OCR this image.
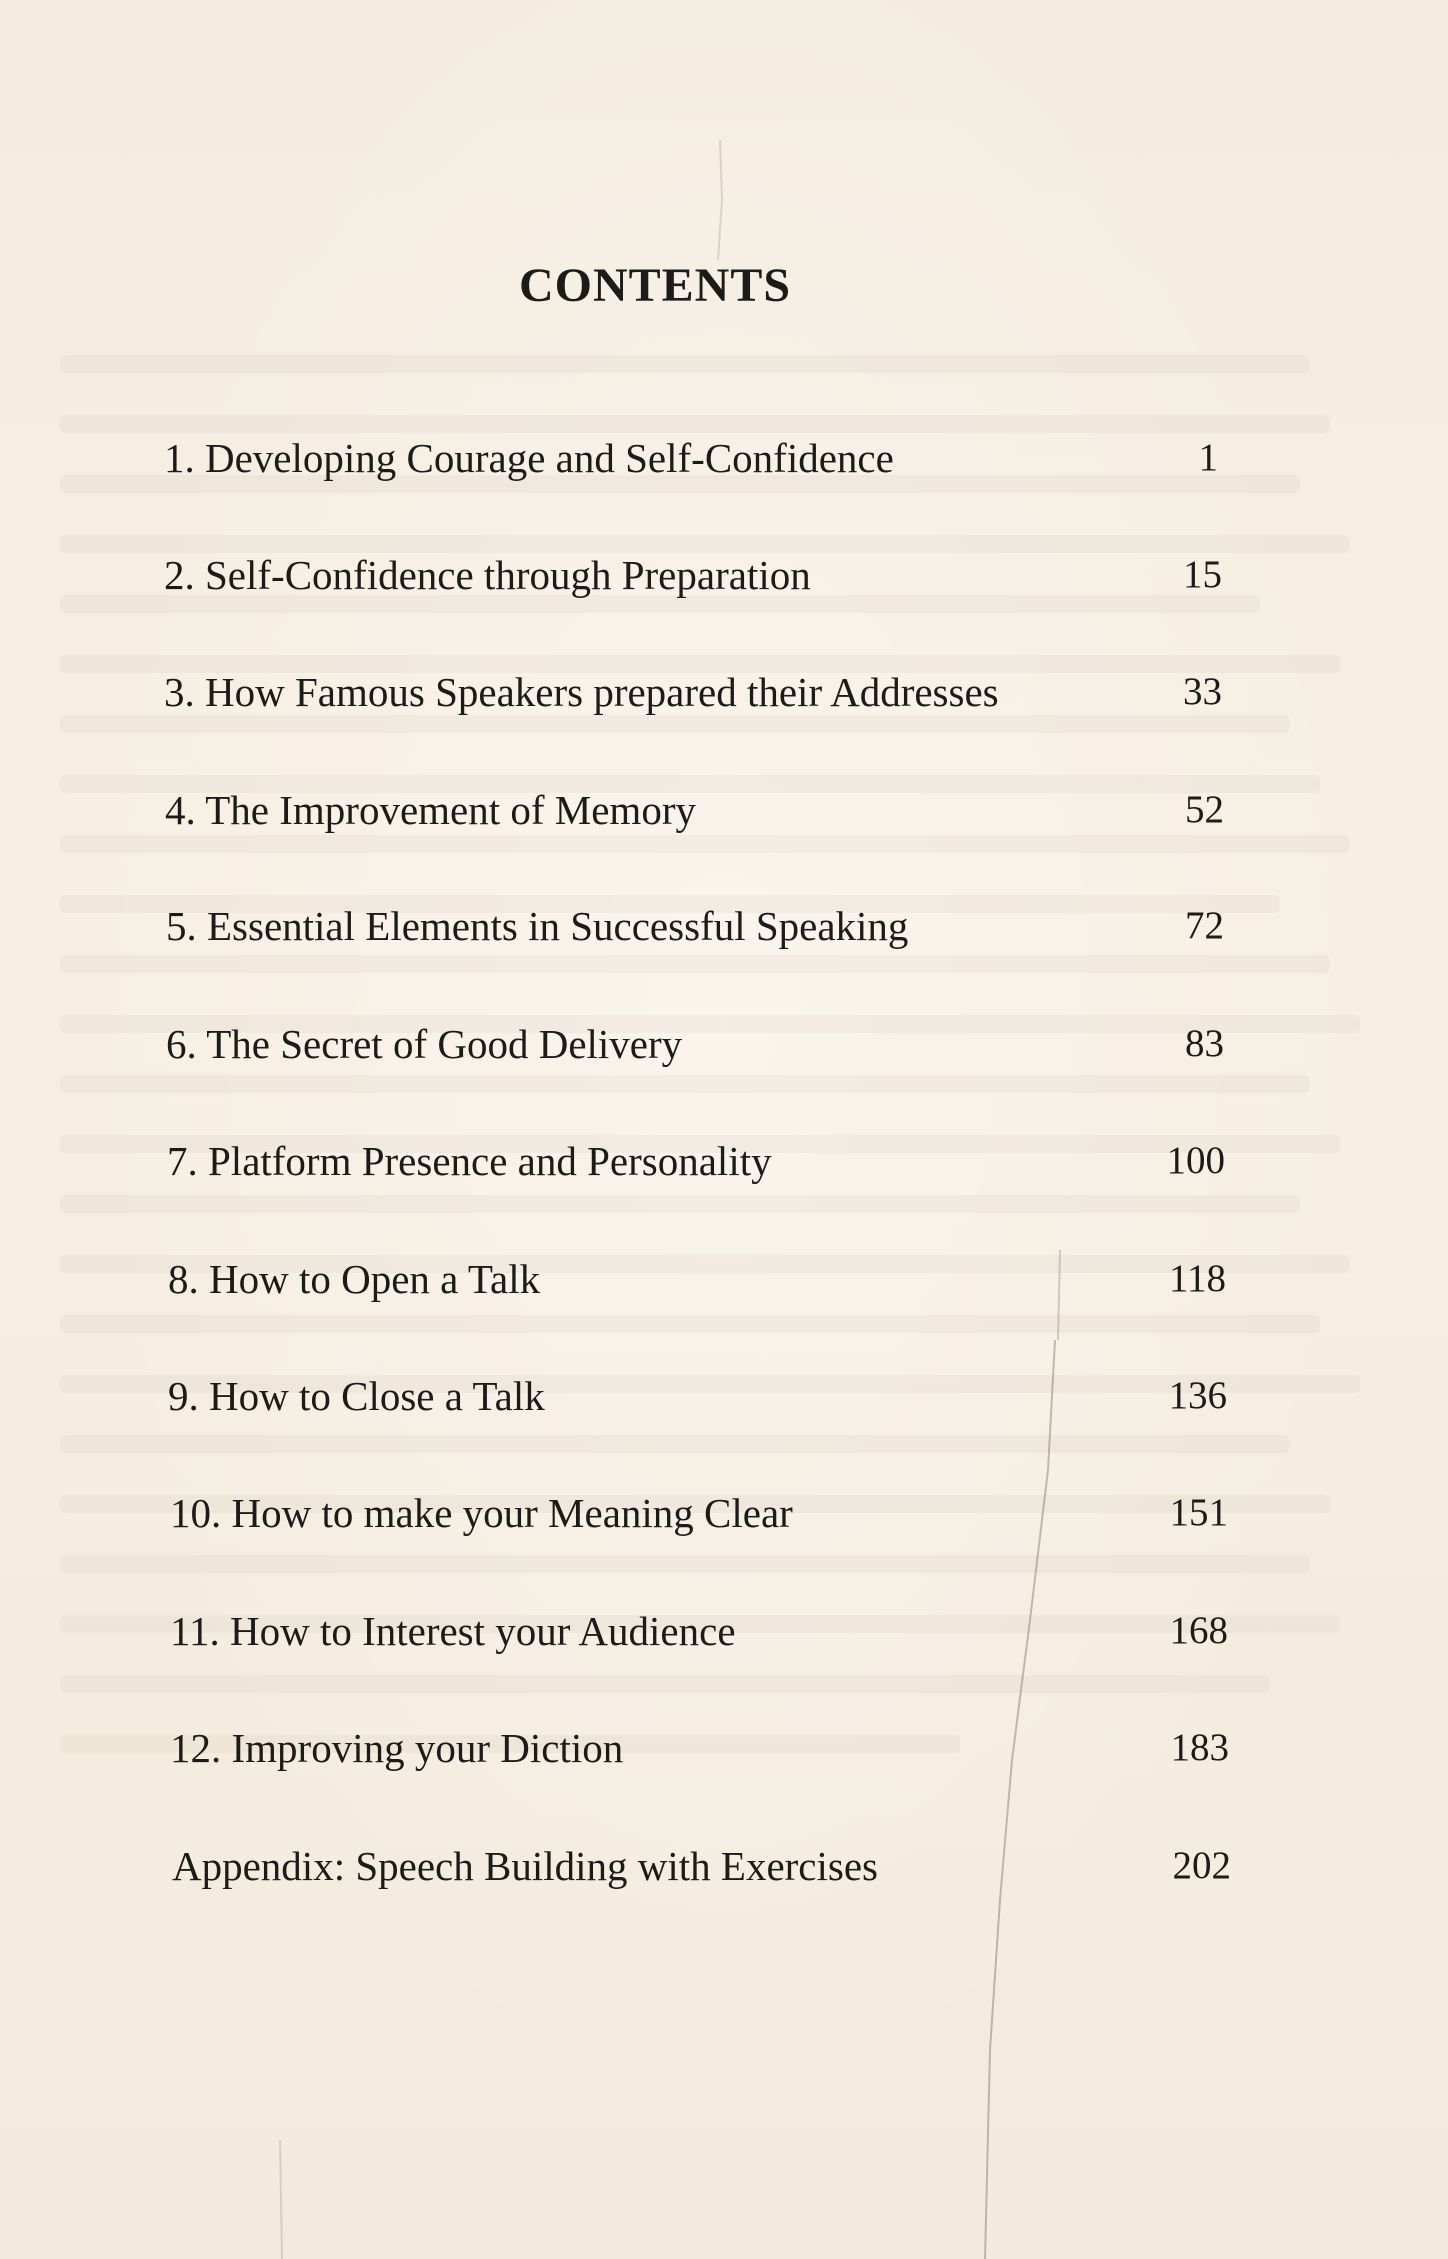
CONTENTS
1. Developing Courage and Self-Confidence	1
2. Self-Confidence through Preparation	15
3. How Famous Speakers prepared their Addresses	33
4. The Improvement of Memory	52
5. Essential Elements in Successful Speaking	72
6. The Secret of Good Delivery	83
7. Platform Presence and Personality	100
8. How to Open a Talk	118
9. How to Close a Talk	136
10. How to make your Meaning Clear	151
11. How to Interest your Audience	168
12. Improving your Diction	183
Appendix: Speech Building with Exercises	202
